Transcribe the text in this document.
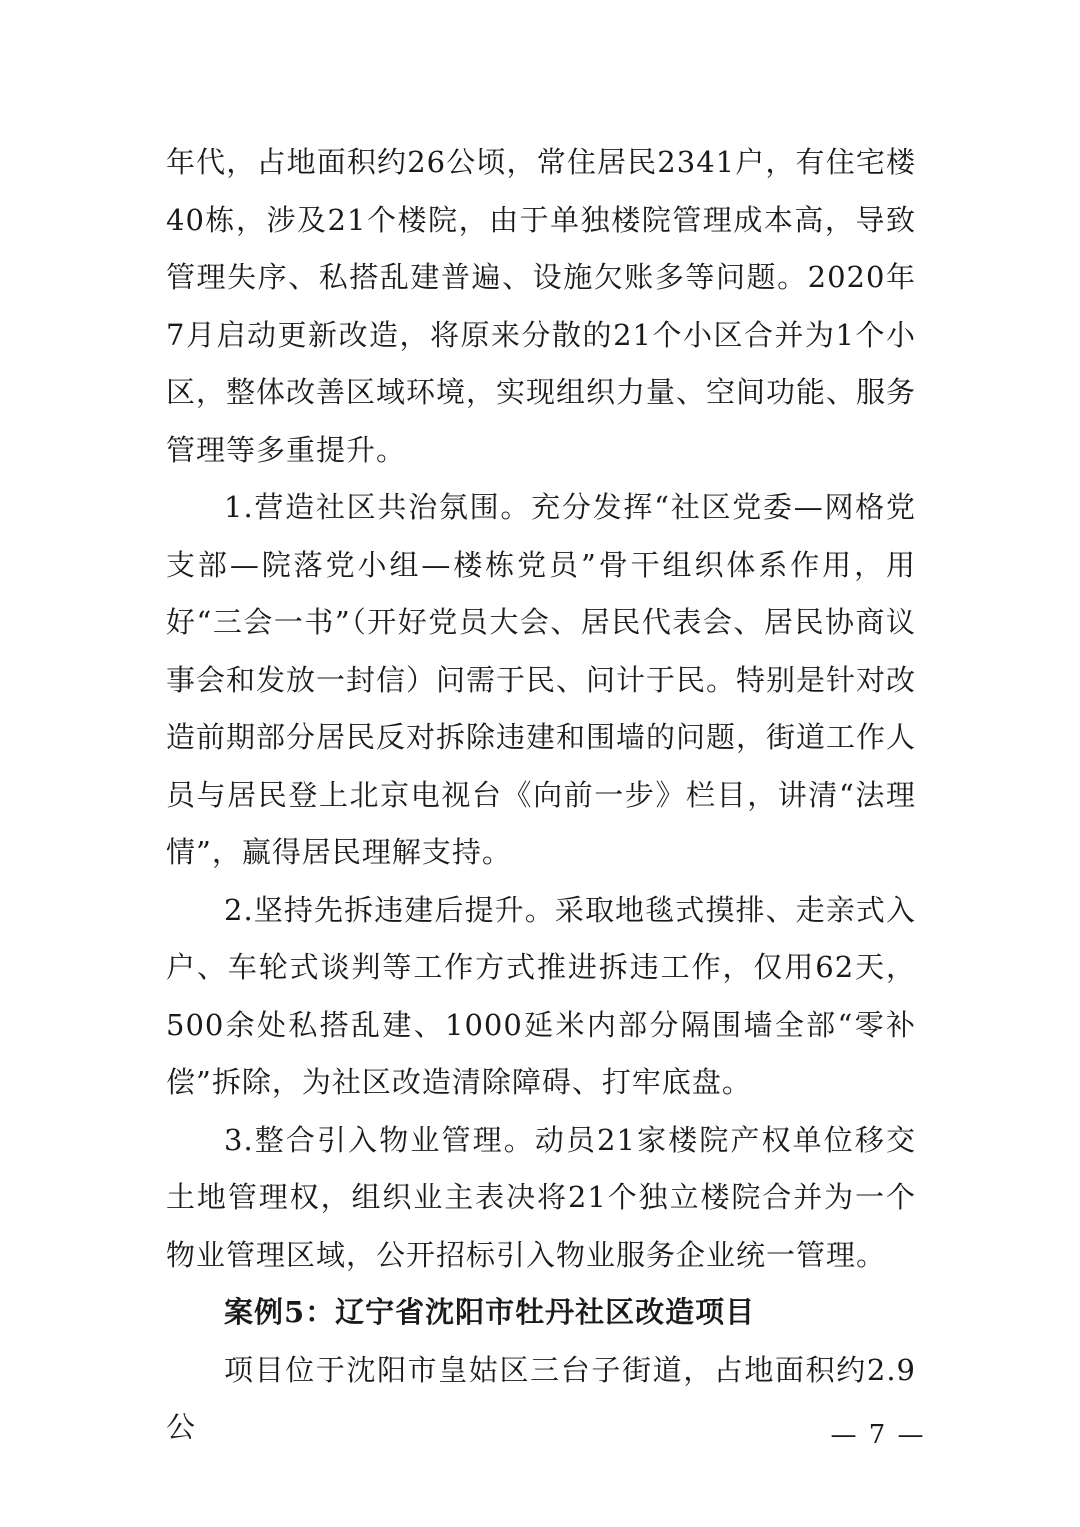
年代，占地面积约26公顷，常住居民2341户，有住宅楼40栋，涉及21个楼院，由于单独楼院管理成本高，导致管理失序、私搭乱建普遍、设施欠账多等问题。2020年7月启动更新改造，将原来分散的21个小区合并为1个小区，整体改善区域环境，实现组织力量、空间功能、服务管理等多重提升。

1.营造社区共治氛围。充分发挥“社区党委—网格党支部—院落党小组—楼栋党员”骨干组织体系作用，用好“三会一书”（开好党员大会、居民代表会、居民协商议事会和发放一封信）问需于民、问计于民。特别是针对改造前期部分居民反对拆除违建和围墙的问题，街道工作人员与居民登上北京电视台《向前一步》栏目，讲清“法理情”，赢得居民理解支持。

2.坚持先拆违建后提升。采取地毯式摸排、走亲式入户、车轮式谈判等工作方式推进拆违工作，仅用62天，500余处私搭乱建、1000延米内部分隔围墙全部“零补偿”拆除，为社区改造清除障碍、打牢底盘。

3.整合引入物业管理。动员21家楼院产权单位移交土地管理权，组织业主表决将21个独立楼院合并为一个物业管理区域，公开招标引入物业服务企业统一管理。

案例5：辽宁省沈阳市牡丹社区改造项目

项目位于沈阳市皇姑区三台子街道，占地面积约2.9公	— 7 —
